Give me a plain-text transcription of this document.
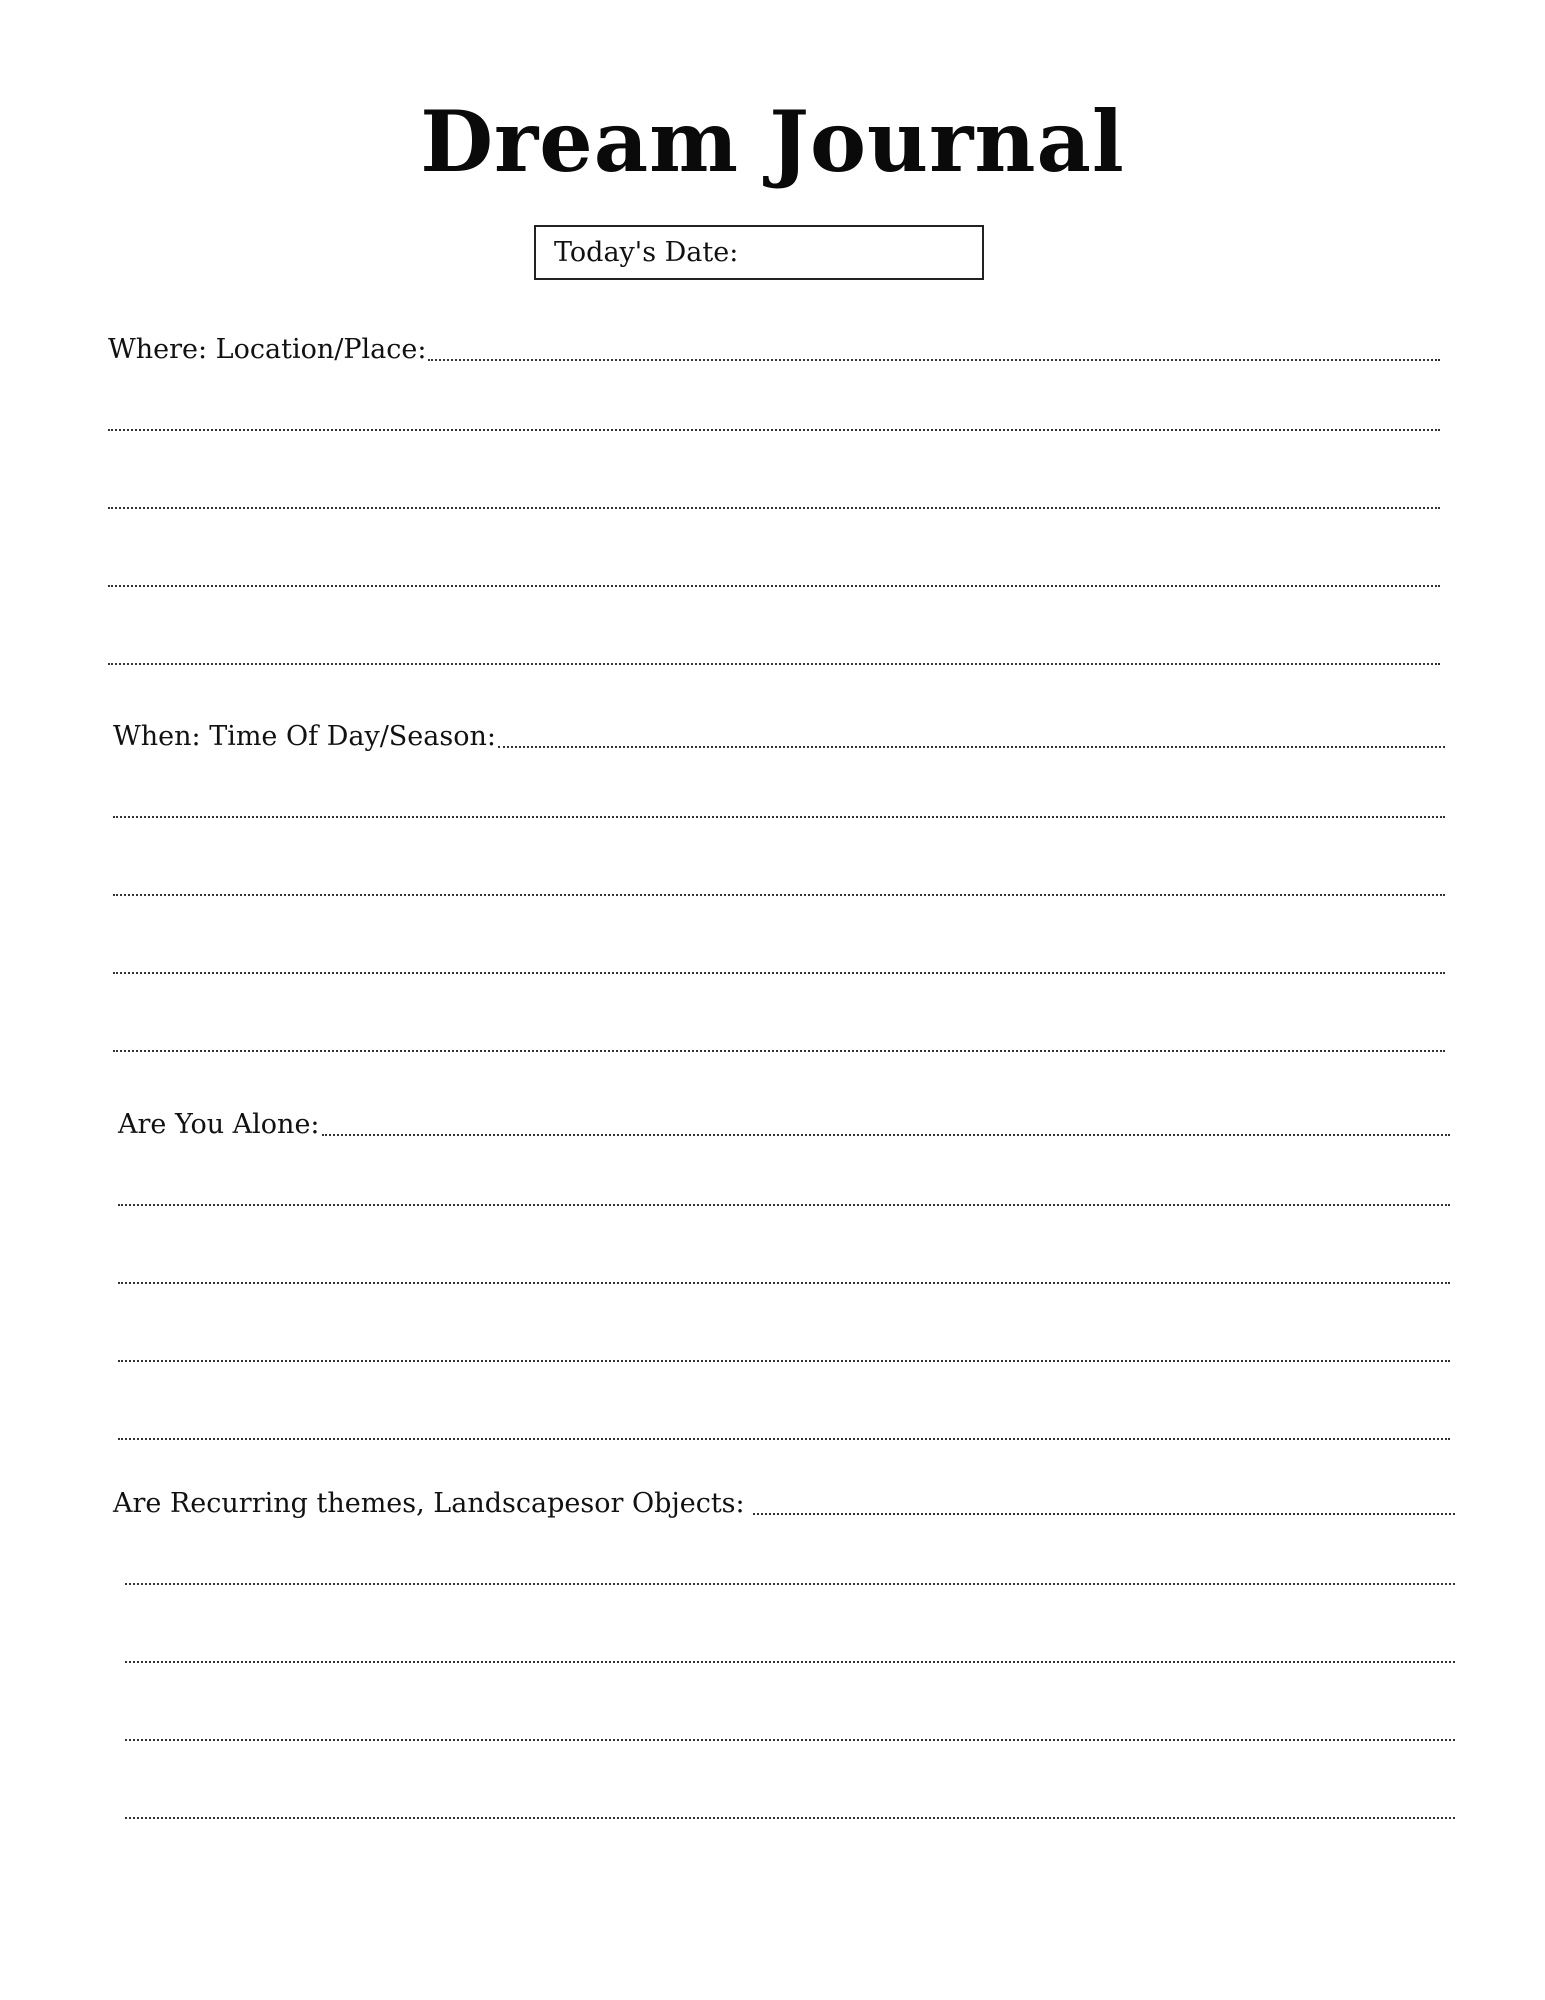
Dream Journal
Today's Date:
Where: Location/Place:
When: Time Of Day/Season:
Are You Alone:
Are Recurring themes, Landscapesor Objects:
